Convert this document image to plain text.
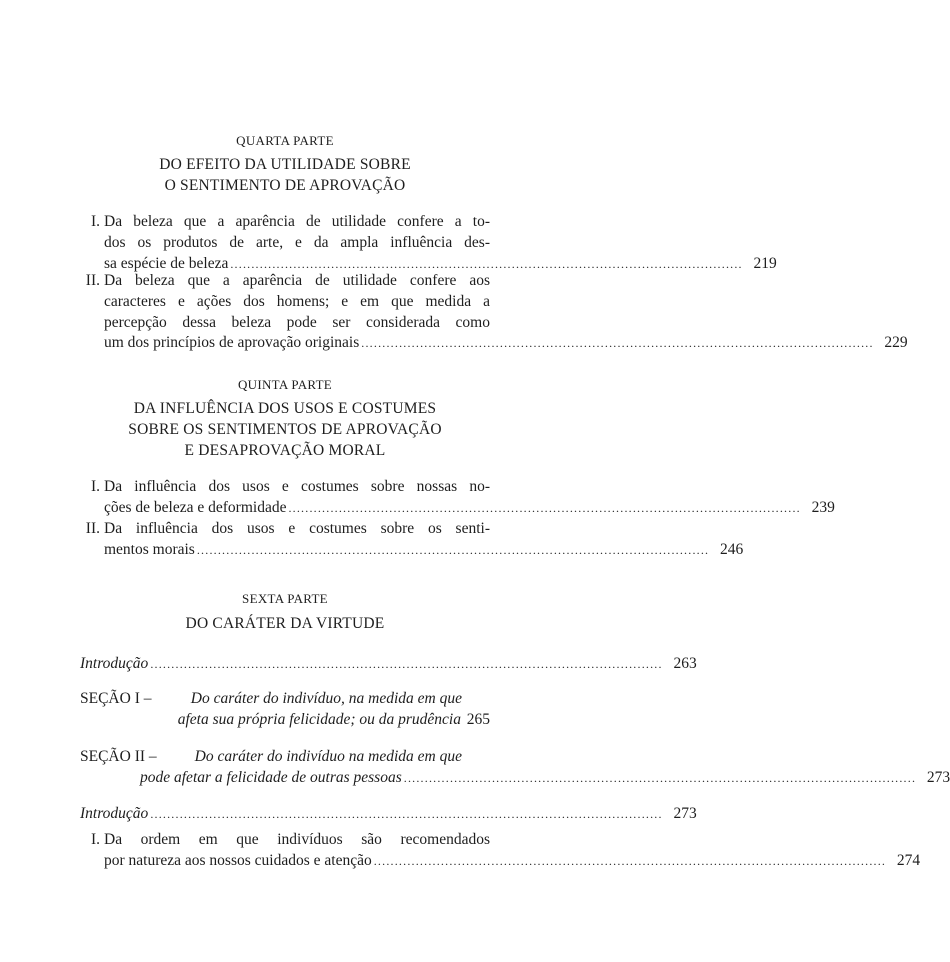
QUARTA PARTE
DO EFEITO DA UTILIDADE SOBRE
O SENTIMENTO DE APROVAÇÃO
I. Da beleza que a aparência de utilidade confere a to-
dos os produtos de arte, e da ampla influência des-
sa espécie de beleza .......................................................................................................................... 219
II. Da beleza que a aparência de utilidade confere aos
caracteres e ações dos homens; e em que medida a
percepção dessa beleza pode ser considerada como
um dos princípios de aprovação originais .......................................................................................................................... 229
QUINTA PARTE
DA INFLUÊNCIA DOS USOS E COSTUMES
SOBRE OS SENTIMENTOS DE APROVAÇÃO
E DESAPROVAÇÃO MORAL
I. Da influência dos usos e costumes sobre nossas no-
ções de beleza e deformidade .......................................................................................................................... 239
II. Da influência dos usos e costumes sobre os senti-
mentos morais .......................................................................................................................... 246
SEXTA PARTE
DO CARÁTER DA VIRTUDE
Introdução .......................................................................................................................... 263
SEÇÃO I –	Do caráter do indivíduo, na medida em que
afeta sua própria felicidade; ou da prudência 265
SEÇÃO II –	Do caráter do indivíduo na medida em que
pode afetar a felicidade de outras pessoas .......................................................................................................................... 273
Introdução .......................................................................................................................... 273
I. Da ordem em que indivíduos são recomendados
por natureza aos nossos cuidados e atenção .......................................................................................................................... 274
